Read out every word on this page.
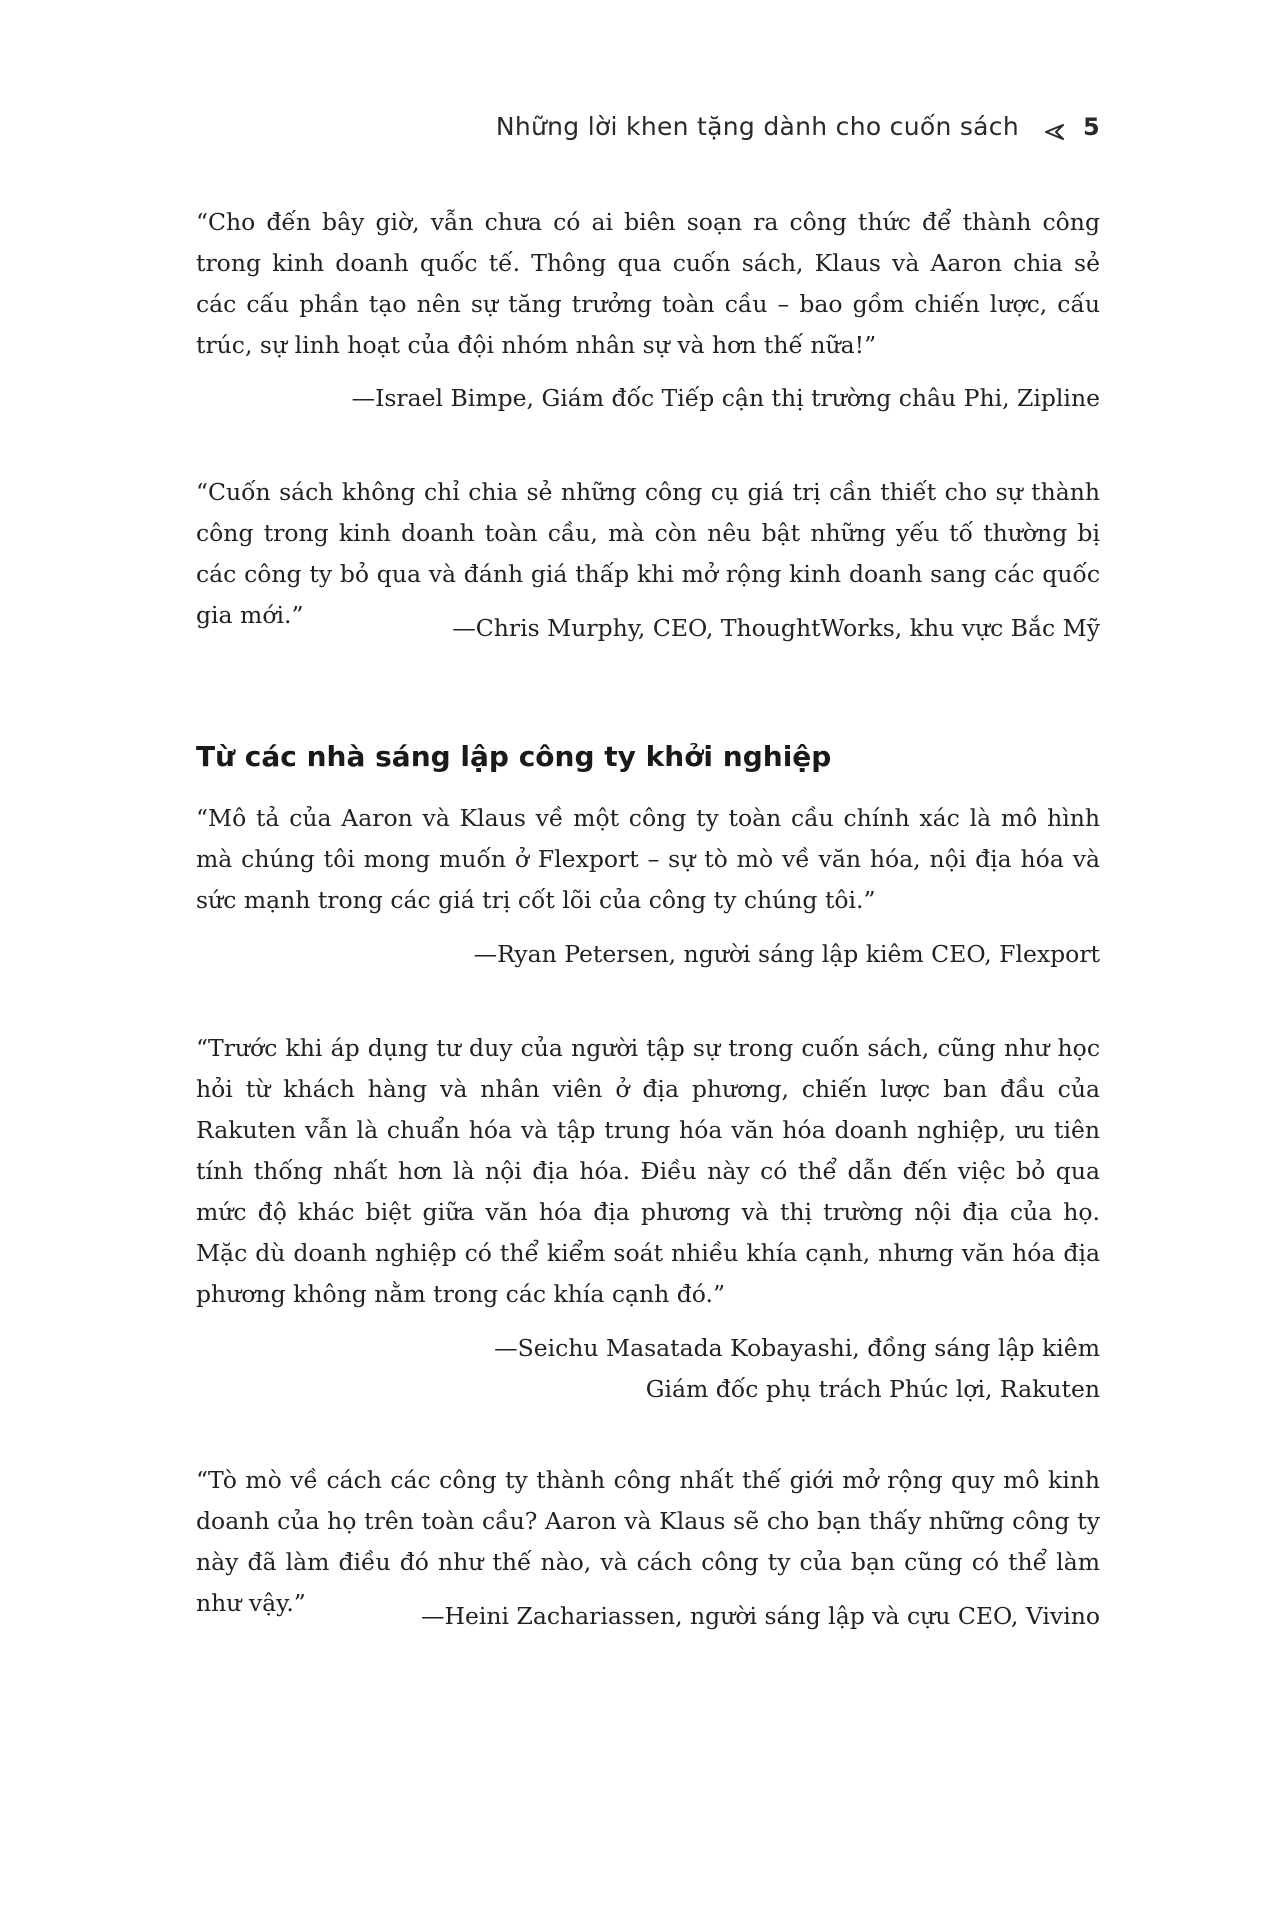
Những lời khen tặng dành cho cuốn sách	5

“Cho đến bây giờ, vẫn chưa có ai biên soạn ra công thức để thành công trong kinh doanh quốc tế. Thông qua cuốn sách, Klaus và Aaron chia sẻ các cấu phần tạo nên sự tăng trưởng toàn cầu – bao gồm chiến lược, cấu trúc, sự linh hoạt của đội nhóm nhân sự và hơn thế nữa!”

—Israel Bimpe, Giám đốc Tiếp cận thị trường châu Phi, Zipline

“Cuốn sách không chỉ chia sẻ những công cụ giá trị cần thiết cho sự thành công trong kinh doanh toàn cầu, mà còn nêu bật những yếu tố thường bị các công ty bỏ qua và đánh giá thấp khi mở rộng kinh doanh sang các quốc gia mới.”	—Chris Murphy, CEO, ThoughtWorks, khu vực Bắc Mỹ

Từ các nhà sáng lập công ty khởi nghiệp

“Mô tả của Aaron và Klaus về một công ty toàn cầu chính xác là mô hình mà chúng tôi mong muốn ở Flexport – sự tò mò về văn hóa, nội địa hóa và sức mạnh trong các giá trị cốt lõi của công ty chúng tôi.”

—Ryan Petersen, người sáng lập kiêm CEO, Flexport

“Trước khi áp dụng tư duy của người tập sự trong cuốn sách, cũng như học hỏi từ khách hàng và nhân viên ở địa phương, chiến lược ban đầu của Rakuten vẫn là chuẩn hóa và tập trung hóa văn hóa doanh nghiệp, ưu tiên tính thống nhất hơn là nội địa hóa. Điều này có thể dẫn đến việc bỏ qua mức độ khác biệt giữa văn hóa địa phương và thị trường nội địa của họ. Mặc dù doanh nghiệp có thể kiểm soát nhiều khía cạnh, nhưng văn hóa địa phương không nằm trong các khía cạnh đó.”

—Seichu Masatada Kobayashi, đồng sáng lập kiêm
Giám đốc phụ trách Phúc lợi, Rakuten

“Tò mò về cách các công ty thành công nhất thế giới mở rộng quy mô kinh doanh của họ trên toàn cầu? Aaron và Klaus sẽ cho bạn thấy những công ty này đã làm điều đó như thế nào, và cách công ty của bạn cũng có thể làm như vậy.”	—Heini Zachariassen, người sáng lập và cựu CEO, Vivino
